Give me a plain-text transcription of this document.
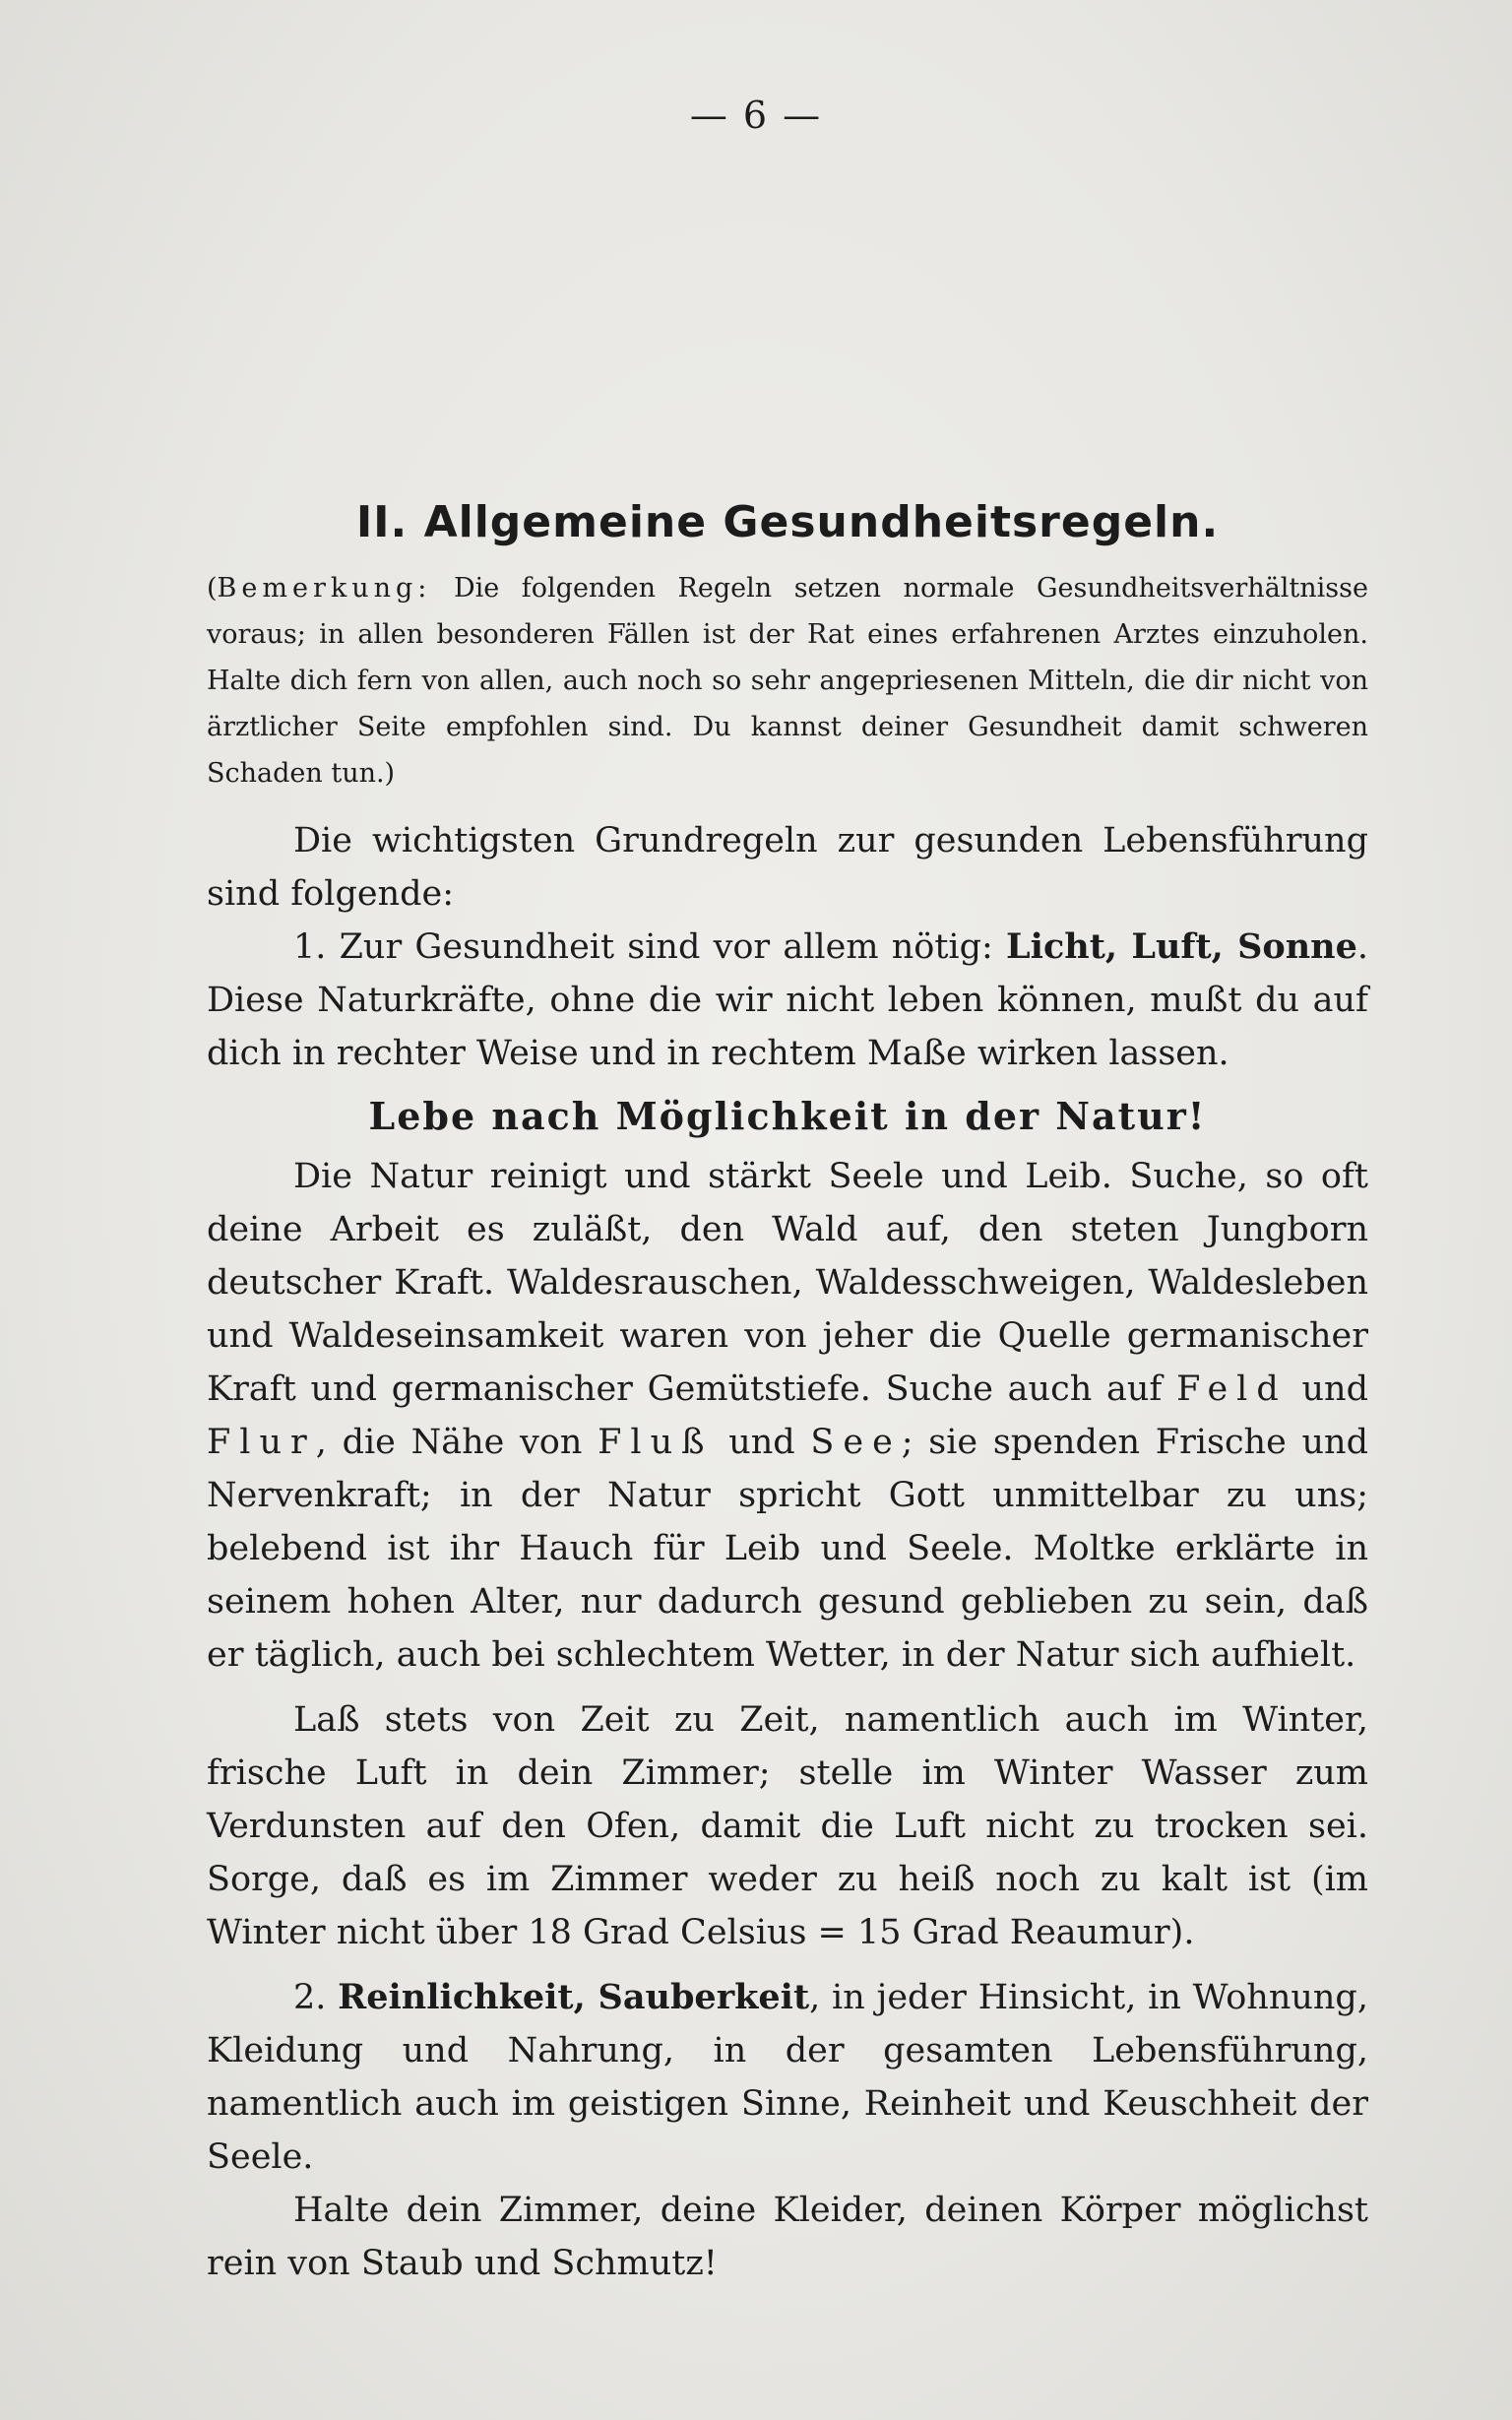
— 6 —
II. Allgemeine Gesundheitsregeln.

(Bemerkung: Die folgenden Regeln setzen normale Gesundheitsverhältnisse voraus; in allen besonderen Fällen ist der Rat eines erfahrenen Arztes einzuholen. Halte dich fern von allen, auch noch so sehr angepriesenen Mitteln, die dir nicht von ärztlicher Seite empfohlen sind. Du kannst deiner Gesundheit damit schweren Schaden tun.)

Die wichtigsten Grundregeln zur gesunden Lebensführung sind folgende:

1. Zur Gesundheit sind vor allem nötig: Licht, Luft, Sonne. Diese Naturkräfte, ohne die wir nicht leben können, mußt du auf dich in rechter Weise und in rechtem Maße wirken lassen.

Lebe nach Möglichkeit in der Natur!

Die Natur reinigt und stärkt Seele und Leib. Suche, so oft deine Arbeit es zuläßt, den Wald auf, den steten Jungborn deutscher Kraft. Waldesrauschen, Waldesschweigen, Waldesleben und Waldeseinsamkeit waren von jeher die Quelle germanischer Kraft und germanischer Gemütstiefe. Suche auch auf Feld und Flur, die Nähe von Fluß und See; sie spenden Frische und Nervenkraft; in der Natur spricht Gott unmittelbar zu uns; belebend ist ihr Hauch für Leib und Seele. Moltke erklärte in seinem hohen Alter, nur dadurch gesund geblieben zu sein, daß er täglich, auch bei schlechtem Wetter, in der Natur sich aufhielt.

Laß stets von Zeit zu Zeit, namentlich auch im Winter, frische Luft in dein Zimmer; stelle im Winter Wasser zum Verdunsten auf den Ofen, damit die Luft nicht zu trocken sei. Sorge, daß es im Zimmer weder zu heiß noch zu kalt ist (im Winter nicht über 18 Grad Celsius = 15 Grad Reaumur).

2. Reinlichkeit, Sauberkeit, in jeder Hinsicht, in Wohnung, Kleidung und Nahrung, in der gesamten Lebensführung, namentlich auch im geistigen Sinne, Reinheit und Keuschheit der Seele.

Halte dein Zimmer, deine Kleider, deinen Körper möglichst rein von Staub und Schmutz!
